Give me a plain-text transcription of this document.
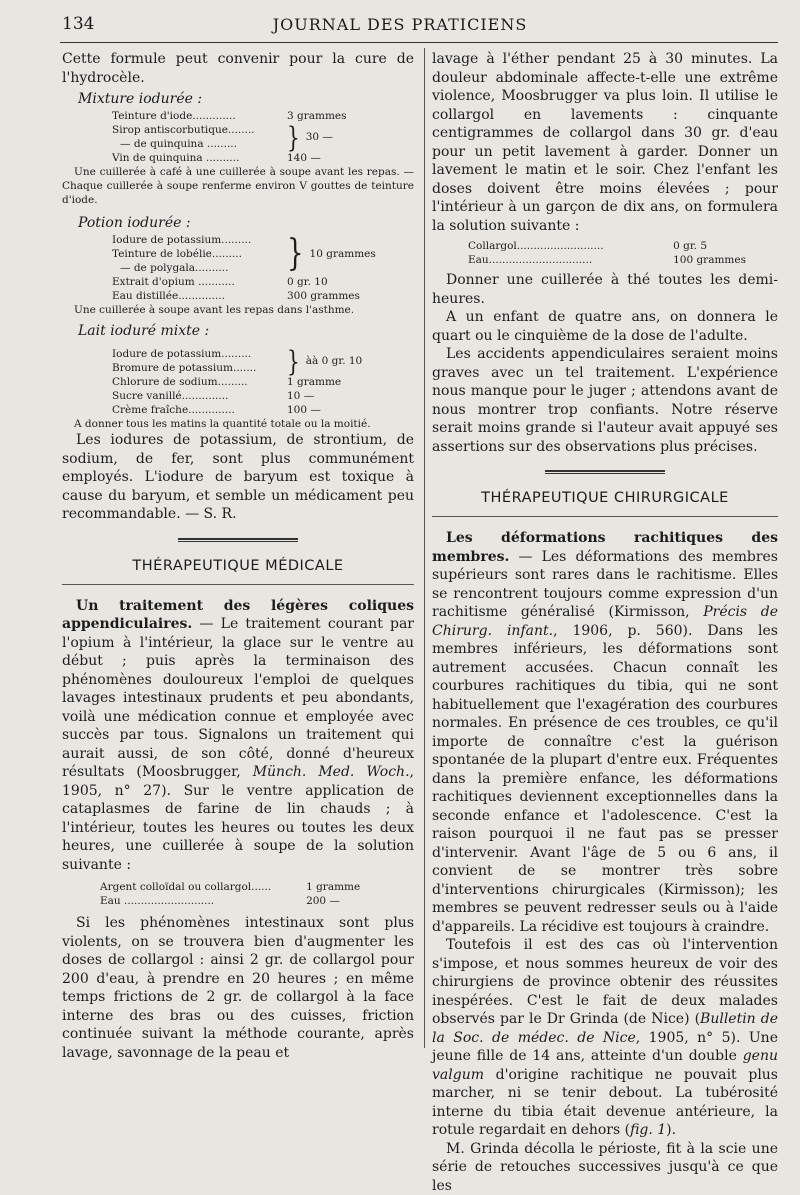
134	JOURNAL DES PRATICIENS

Cette formule peut convenir pour la cure de l'hydrocèle.

Mixture iodurée :

Teinture d'iode.............	3 grammes
Sirop antiscorbutique........
— de quinquina .........	} 30 —
Vin de quinquina ..........	140 —

Une cuillerée à café à une cuillerée à soupe avant les repas. — Chaque cuillerée à soupe renferme environ V gouttes de teinture d'iode.

Potion iodurée :

Iodure de potassium.........
Teinture de lobélie.........
— de polygala..........	} 10 grammes
Extrait d'opium ...........	0 gr. 10
Eau distillée..............	300 grammes

Une cuillerée à soupe avant les repas dans l'asthme.

Lait ioduré mixte :

Iodure de potassium.........
Bromure de potassium.......	} àà 0 gr. 10
Chlorure de sodium.........	1 gramme
Sucre vanillé..............	10 —
Crème fraîche..............	100 —

A donner tous les matins la quantité totale ou la moitié.

Les iodures de potassium, de strontium, de sodium, de fer, sont plus communément employés. L'iodure de baryum est toxique à cause du baryum, et semble un médicament peu recommandable. — S. R.

THÉRAPEUTIQUE MÉDICALE

Un traitement des légères coliques appendiculaires. — Le traitement courant par l'opium à l'intérieur, la glace sur le ventre au début ; puis après la terminaison des phénomènes douloureux l'emploi de quelques lavages intestinaux prudents et peu abondants, voilà une médication connue et employée avec succès par tous. Signalons un traitement qui aurait aussi, de son côté, donné d'heureux résultats (Moosbrugger, Münch. Med. Woch., 1905, n° 27). Sur le ventre application de cataplasmes de farine de lin chauds ; à l'intérieur, toutes les heures ou toutes les deux heures, une cuillerée à soupe de la solution suivante :

Argent colloïdal ou collargol......	1 gramme
Eau ...........................	200 —

Si les phénomènes intestinaux sont plus violents, on se trouvera bien d'augmenter les doses de collargol : ainsi 2 gr. de collargol pour 200 d'eau, à prendre en 20 heures ; en même temps frictions de 2 gr. de collargol à la face interne des bras ou des cuisses, friction continuée suivant la méthode courante, après lavage, savonnage de la peau et

lavage à l'éther pendant 25 à 30 minutes. La douleur abdominale affecte-t-elle une extrême violence, Moosbrugger va plus loin. Il utilise le collargol en lavements : cinquante centigrammes de collargol dans 30 gr. d'eau pour un petit lavement à garder. Donner un lavement le matin et le soir. Chez l'enfant les doses doivent être moins élevées ; pour l'intérieur à un garçon de dix ans, on formulera la solution suivante :

Collargol..........................	0 gr. 5
Eau...............................	100 grammes

Donner une cuillerée à thé toutes les demi-heures.

A un enfant de quatre ans, on donnera le quart ou le cinquième de la dose de l'adulte.

Les accidents appendiculaires seraient moins graves avec un tel traitement. L'expérience nous manque pour le juger ; attendons avant de nous montrer trop confiants. Notre réserve serait moins grande si l'auteur avait appuyé ses assertions sur des observations plus précises.

THÉRAPEUTIQUE CHIRURGICALE

Les déformations rachitiques des membres. — Les déformations des membres supérieurs sont rares dans le rachitisme. Elles se rencontrent toujours comme expression d'un rachitisme généralisé (Kirmisson, Précis de Chirurg. infant., 1906, p. 560). Dans les membres inférieurs, les déformations sont autrement accusées. Chacun connaît les courbures rachitiques du tibia, qui ne sont habituellement que l'exagération des courbures normales. En présence de ces troubles, ce qu'il importe de connaître c'est la guérison spontanée de la plupart d'entre eux. Fréquentes dans la première enfance, les déformations rachitiques deviennent exceptionnelles dans la seconde enfance et l'adolescence. C'est la raison pourquoi il ne faut pas se presser d'intervenir. Avant l'âge de 5 ou 6 ans, il convient de se montrer très sobre d'interventions chirurgicales (Kirmisson); les membres se peuvent redresser seuls ou à l'aide d'appareils. La récidive est toujours à craindre.

Toutefois il est des cas où l'intervention s'impose, et nous sommes heureux de voir des chirurgiens de province obtenir des réussites inespérées. C'est le fait de deux malades observés par le Dr Grinda (de Nice) (Bulletin de la Soc. de médec. de Nice, 1905, n° 5). Une jeune fille de 14 ans, atteinte d'un double genu valgum d'origine rachitique ne pouvait plus marcher, ni se tenir debout. La tubérosité interne du tibia était devenue antérieure, la rotule regardait en dehors (fig. 1).

M. Grinda décolla le périoste, fit à la scie une série de retouches successives jusqu'à ce que les
